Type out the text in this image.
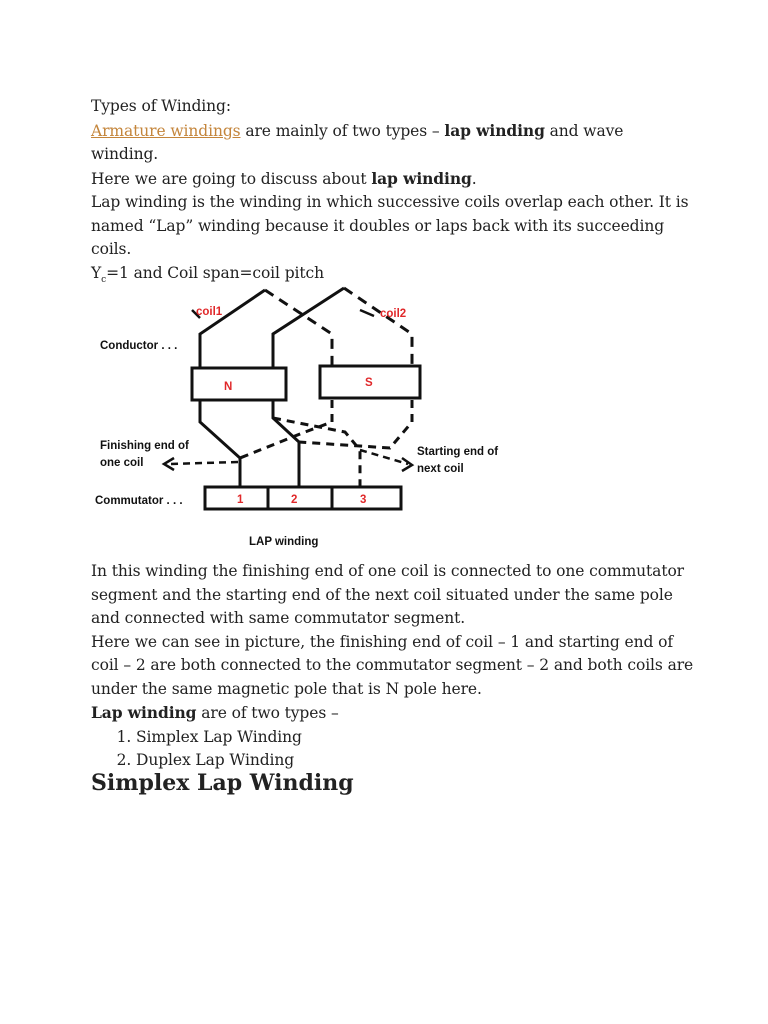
Types of Winding:

Armature windings are mainly of two types – lap winding and wave winding.

Here we are going to discuss about lap winding.

Lap winding is the winding in which successive coils overlap each other. It is named “Lap” winding because it doubles or laps back with its succeeding coils.

$Y_c=1$ and Coil span=coil pitch

N	S
1	2	3
coil1	coil2
Conductor . . .
Finishing end of
one coil
Starting end of
next coil
Commutator . . .
LAP winding

In this winding the finishing end of one coil is connected to one commutator segment and the starting end of the next coil situated under the same pole and connected with same commutator segment.

Here we can see in picture, the finishing end of coil – 1 and starting end of coil – 2 are both connected to the commutator segment – 2 and both coils are under the same magnetic pole that is N pole here.

Lap winding are of two types –

1. Simplex Lap Winding
2. Duplex Lap Winding
Simplex Lap Winding
